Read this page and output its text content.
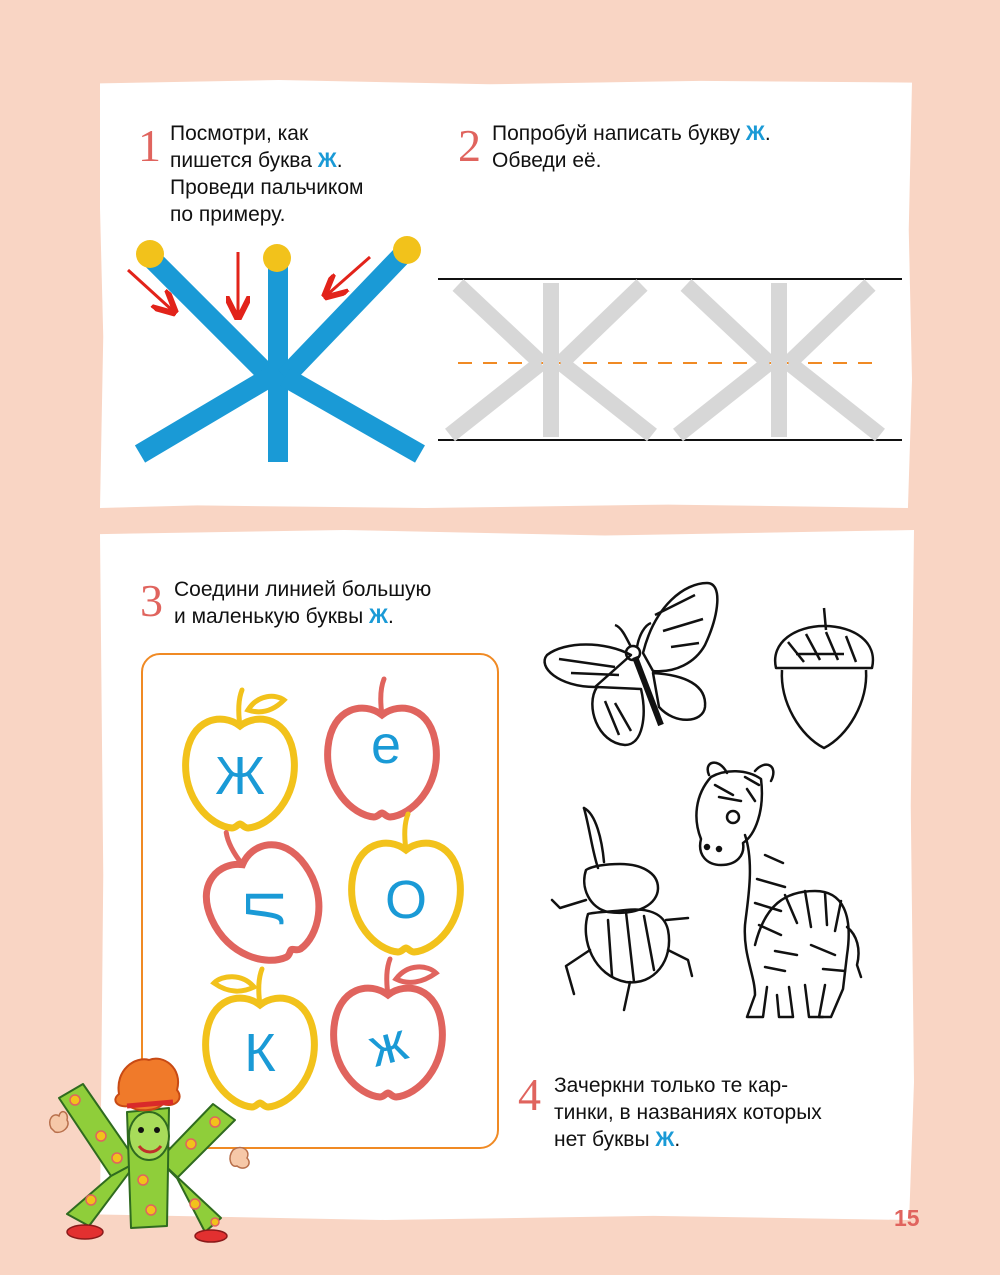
1 Посмотри, как
пишется буква Ж.
Проведи пальчиком
по примеру.
2 Попробуй написать букву Ж.
Обведи её.
3 Соедини линией большую
и маленькую буквы Ж.
Ж
е
Л О
К ж
4 Зачеркни только те кар-
тинки, в названиях которых
нет буквы Ж.
15
